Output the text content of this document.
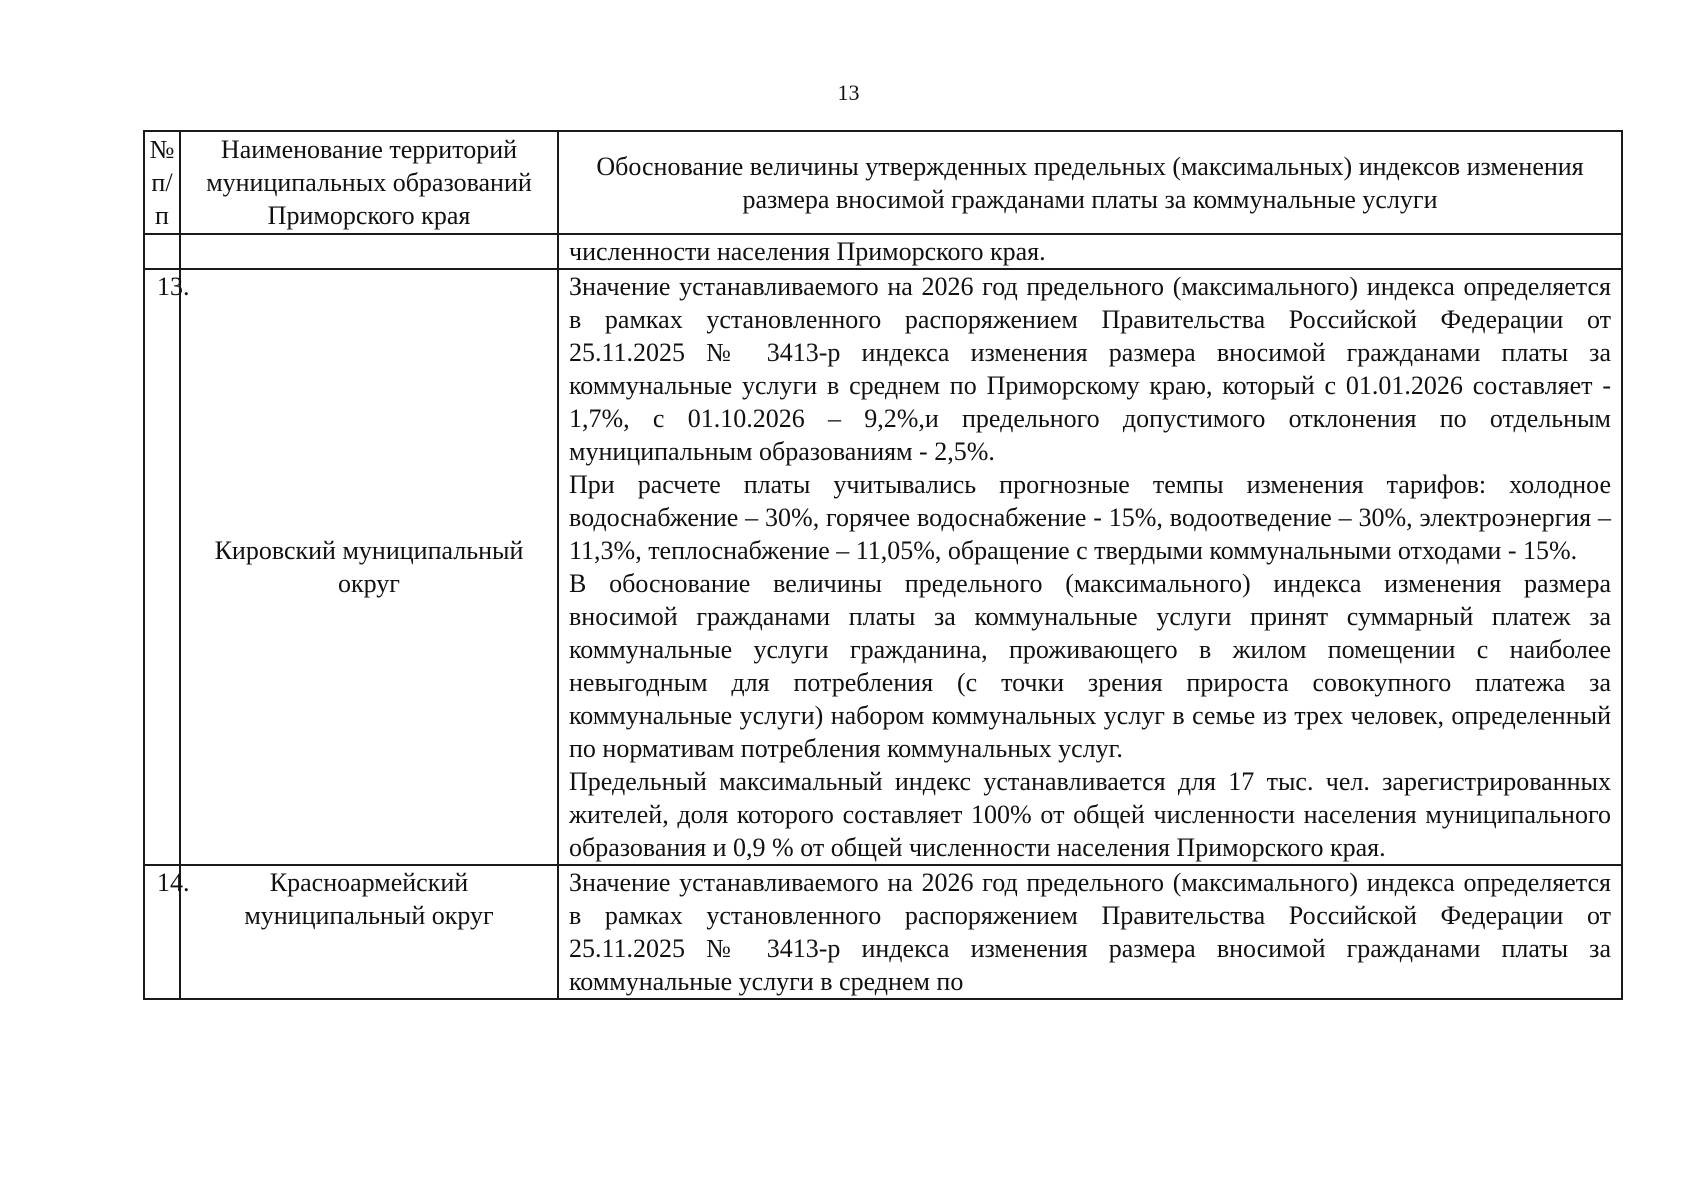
13
№ п/п	Наименование территорий муниципальных образований Приморского края	Обоснование величины утвержденных предельных (максимальных) индексов изменения размера вносимой гражданами платы за коммунальные услуги

		численности населения Приморского края.

13.	Кировский муниципальный округ	Значение устанавливаемого на 2026 год предельного (максимального) индекса определяется в рамках установленного распоряжением Правительства Российской Федерации от 25.11.2025 № 3413-р индекса изменения размера вносимой гражданами платы за коммунальные услуги в среднем по Приморскому краю, который с 01.01.2026 составляет - 1,7%, с 01.10.2026 – 9,2%,и предельного допустимого отклонения по отдельным муниципальным образованиям - 2,5%.

При расчете платы учитывались прогнозные темпы изменения тарифов: холодное водоснабжение – 30%, горячее водоснабжение - 15%, водоотведение – 30%, электроэнергия – 11,3%, теплоснабжение – 11,05%, обращение с твердыми коммунальными отходами - 15%.

В обоснование величины предельного (максимального) индекса изменения размера вносимой гражданами платы за коммунальные услуги принят суммарный платеж за коммунальные услуги гражданина, проживающего в жилом помещении с наиболее невыгодным для потребления (с точки зрения прироста совокупного платежа за коммунальные услуги) набором коммунальных услуг в семье из трех человек, определенный по нормативам потребления коммунальных услуг.

Предельный максимальный индекс устанавливается для 17 тыс. чел. зарегистрированных жителей, доля которого составляет 100% от общей численности населения муниципального образования и 0,9 % от общей численности населения Приморского края.

14.	Красноармейский муниципальный округ	Значение устанавливаемого на 2026 год предельного (максимального) индекса определяется в рамках установленного распоряжением Правительства Российской Федерации от 25.11.2025 № 3413-р индекса изменения размера вносимой гражданами платы за коммунальные услуги в среднем по
